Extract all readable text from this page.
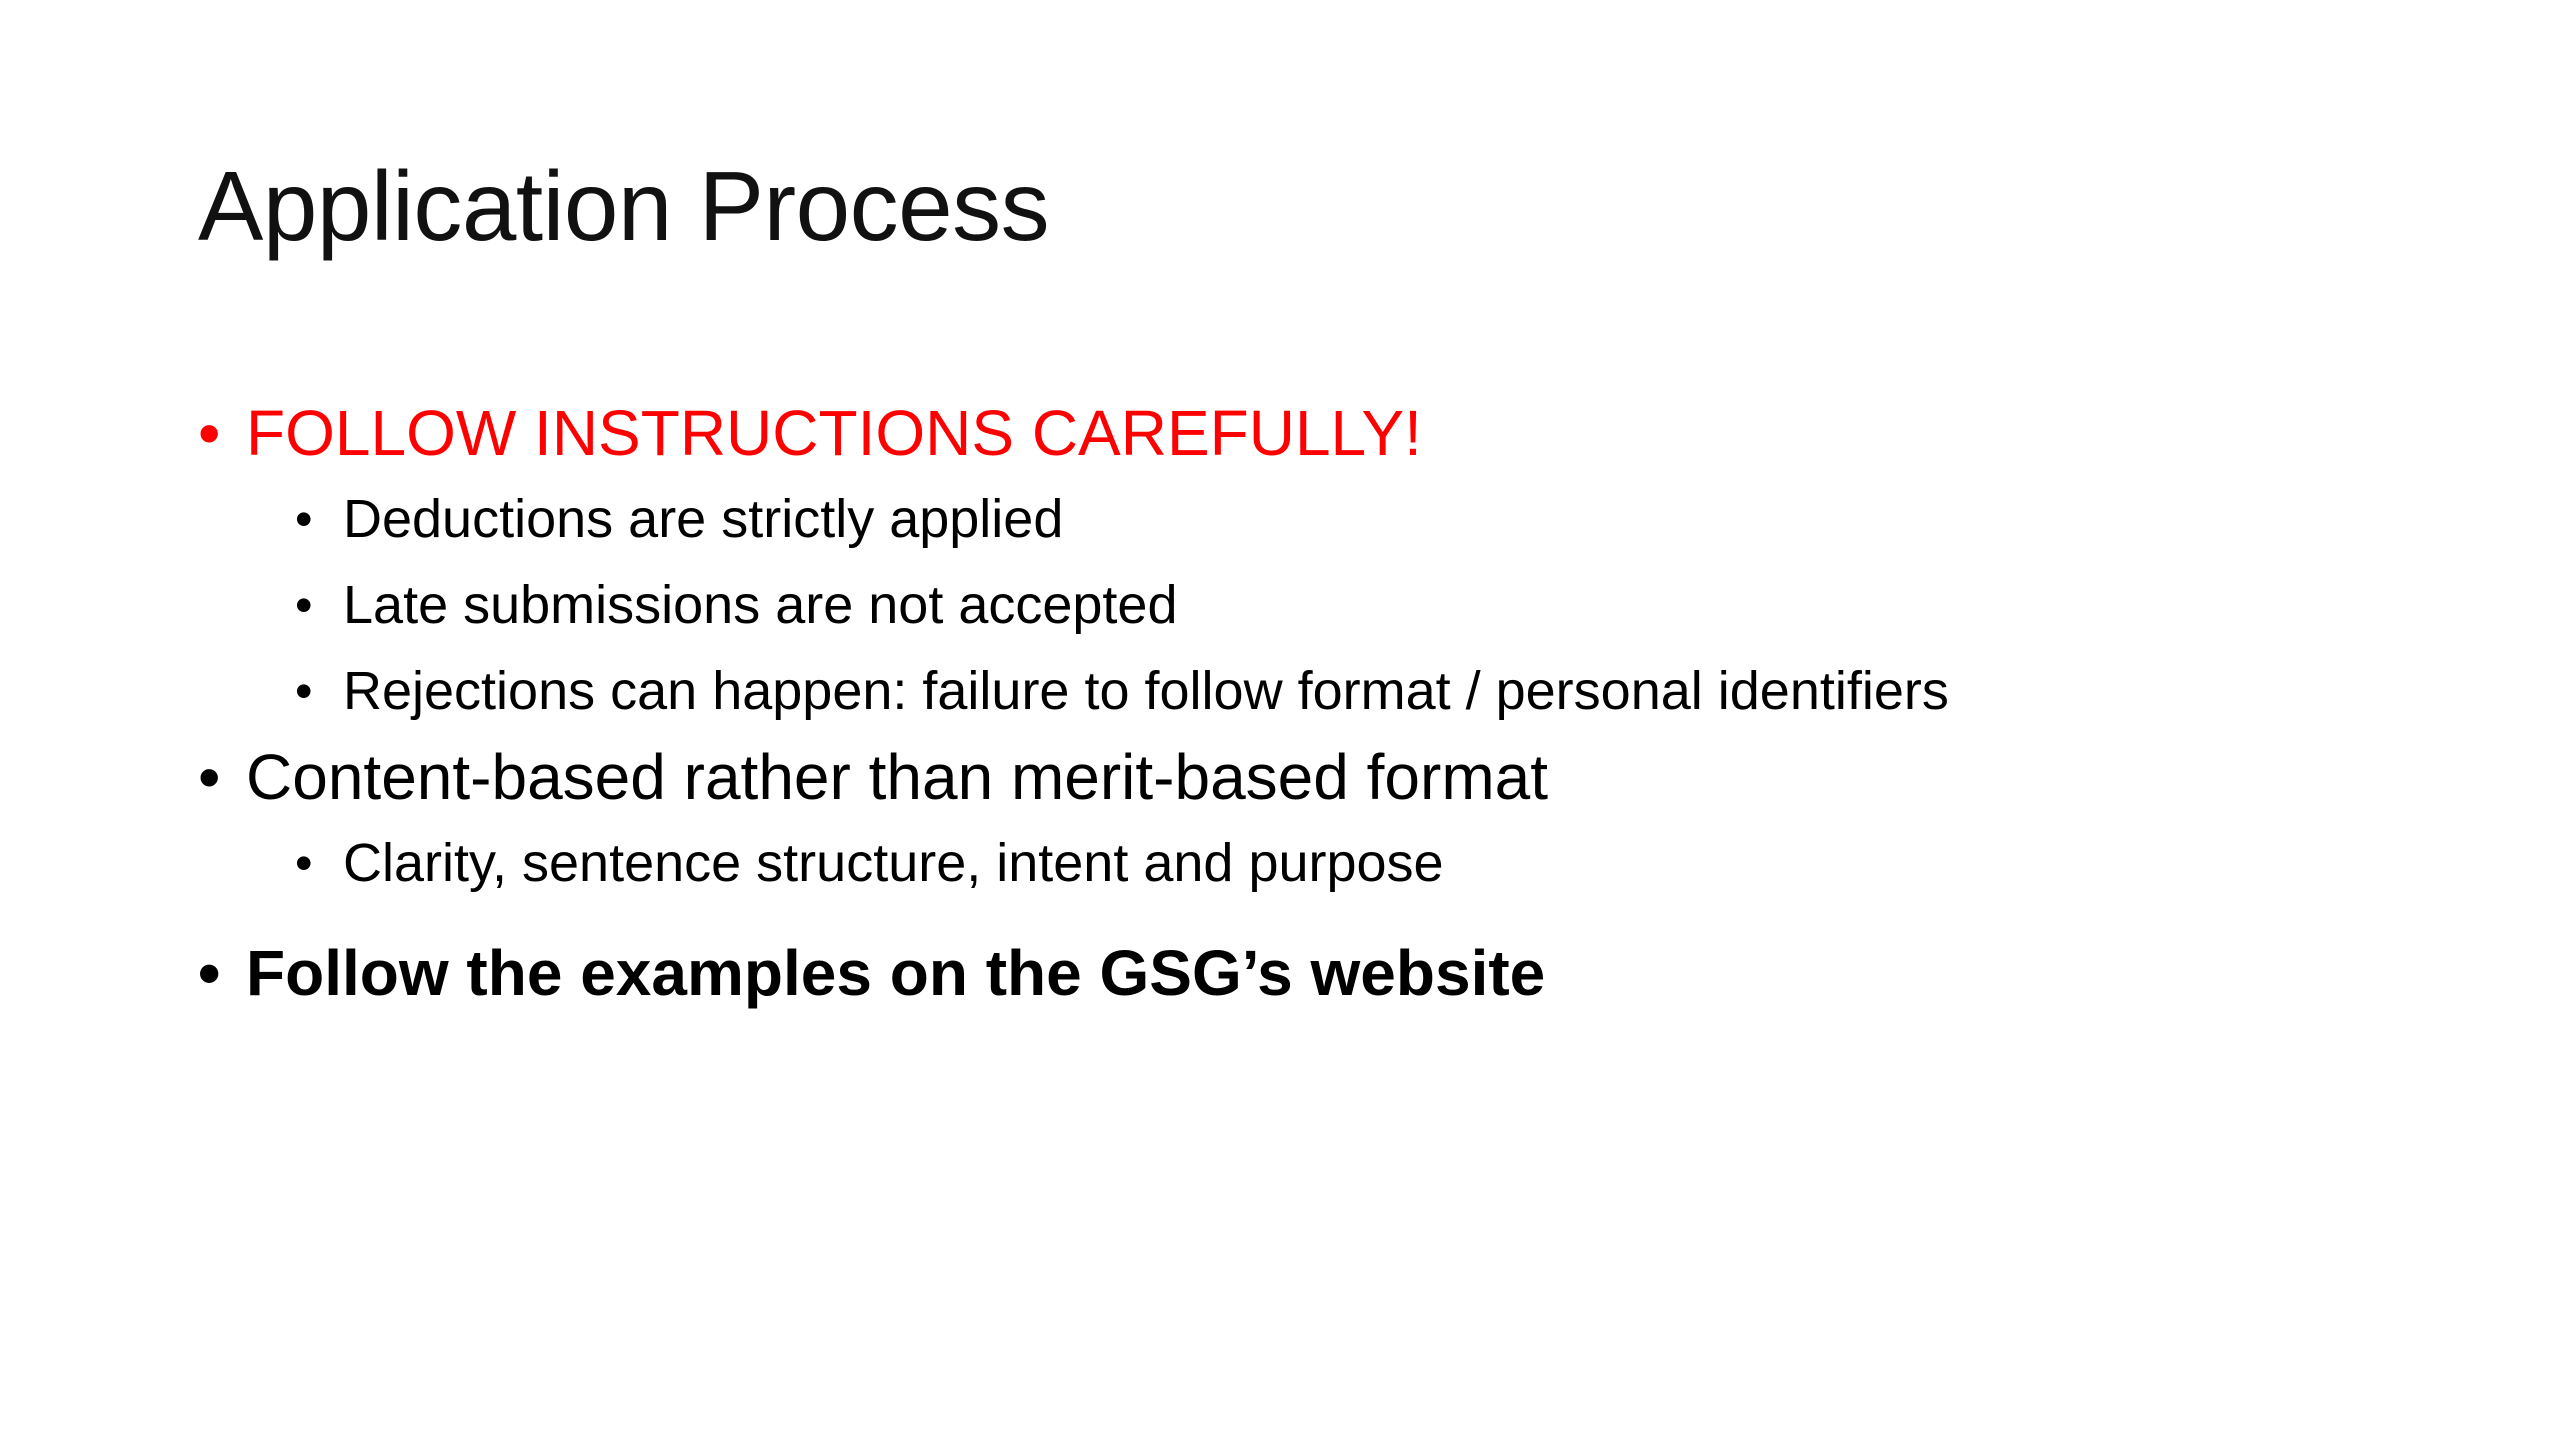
Application Process
• FOLLOW INSTRUCTIONS CAREFULLY!
• Deductions are strictly applied
• Late submissions are not accepted
• Rejections can happen: failure to follow format / personal identifiers
• Content-based rather than merit-based format
• Clarity, sentence structure, intent and purpose
• Follow the examples on the GSG’s website
